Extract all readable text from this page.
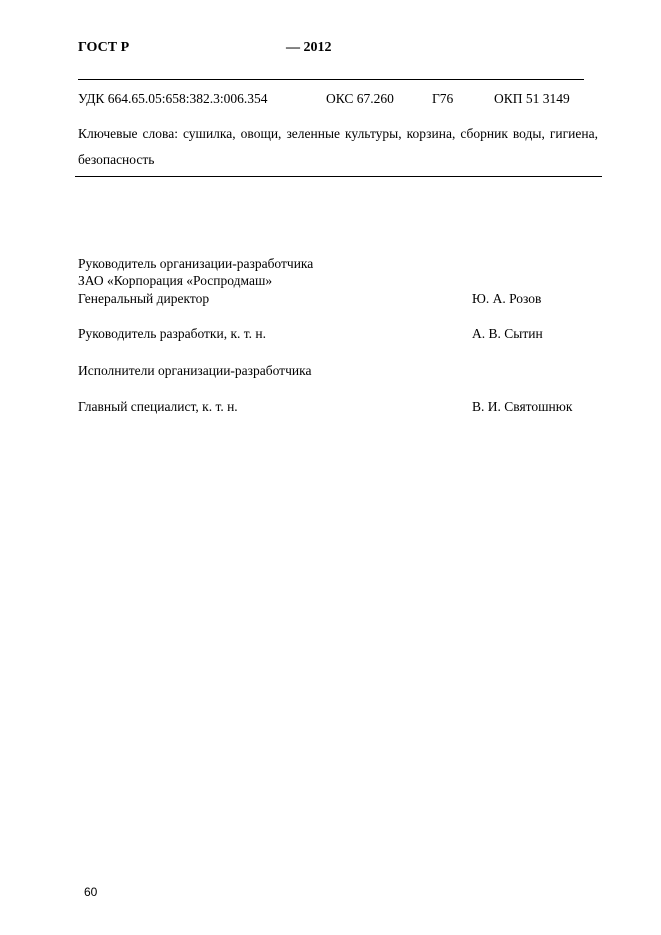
ГОСТ Р	— 2012
УДК 664.65.05:658:382.3:006.354	ОКС 67.260	Г76	ОКП 51 3149
Ключевые слова: сушилка, овощи, зеленные культуры, корзина, сборник воды, гигиена, безопасность
Руководитель организации-разработчика
ЗАО «Корпорация «Роспродмаш»
Генеральный директор	Ю. А. Розов
Руководитель разработки, к. т. н.	А. В. Сытин
Исполнители организации-разработчика
Главный специалист, к. т. н.	В. И. Святошнюк
60
